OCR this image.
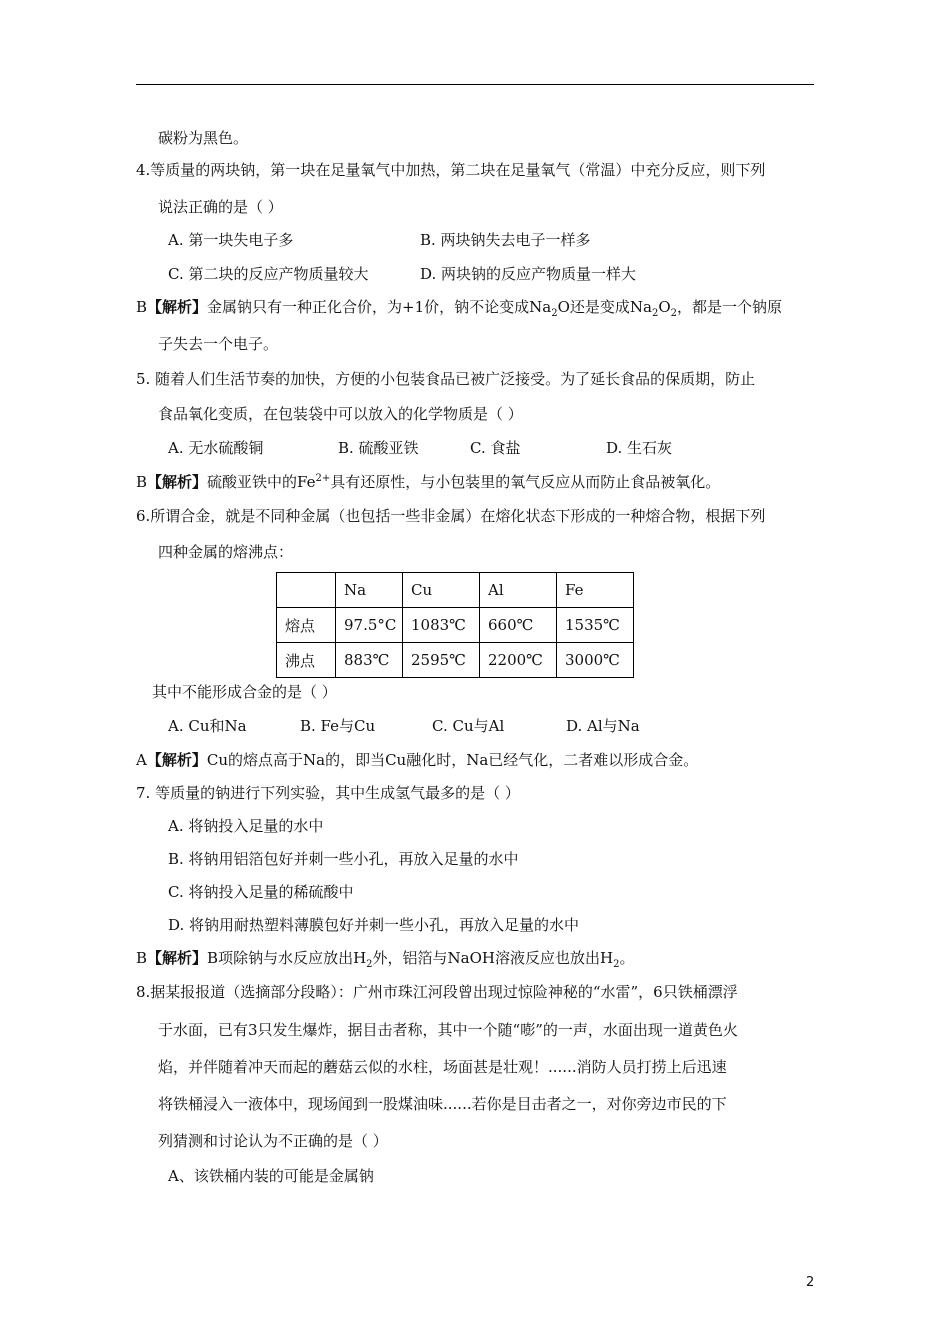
碳粉为黑色。
4.等质量的两块钠，第一块在足量氧气中加热，第二块在足量氧气（常温）中充分反应，则下列
说法正确的是（ ）
A. 第一块失电子多	B. 两块钠失去电子一样多
C. 第二块的反应产物质量较大	D. 两块钠的反应产物质量一样大
B【解析】金属钠只有一种正化合价，为+1价，钠不论变成$Na_2O$还是变成$Na_2O_2$，都是一个钠原
子失去一个电子。
5. 随着人们生活节奏的加快，方便的小包装食品已被广泛接受。为了延长食品的保质期，防止
食品氧化变质，在包装袋中可以放入的化学物质是（ ）
A. 无水硫酸铜	B. 硫酸亚铁	C. 食盐	D. 生石灰
B【解析】硫酸亚铁中的$Fe^{2+}$具有还原性，与小包装里的氧气反应从而防止食品被氧化。
6.所谓合金，就是不同种金属（也包括一些非金属）在熔化状态下形成的一种熔合物，根据下列
四种金属的熔沸点：
	Na	Cu	Al	Fe
熔点	97.5°C	1083℃	660℃	1535℃
沸点	883℃	2595℃	2200℃	3000℃
其中不能形成合金的是（ ）
A. Cu和Na	B. Fe与Cu	C. Cu与Al	D. Al与Na
A【解析】Cu的熔点高于Na的，即当Cu融化时，Na已经气化，二者难以形成合金。
7. 等质量的钠进行下列实验，其中生成氢气最多的是（ ）
A. 将钠投入足量的水中
B. 将钠用铝箔包好并刺一些小孔，再放入足量的水中
C. 将钠投入足量的稀硫酸中
D. 将钠用耐热塑料薄膜包好并刺一些小孔，再放入足量的水中
B【解析】B项除钠与水反应放出$H_2$外，铝箔与NaOH溶液反应也放出$H_2$。
8.据某报报道（选摘部分段略）：广州市珠江河段曾出现过惊险神秘的“水雷”，6只铁桶漂浮
于水面，已有3只发生爆炸，据目击者称，其中一个随“嘭”的一声，水面出现一道黄色火
焰，并伴随着冲天而起的蘑菇云似的水柱，场面甚是壮观！......消防人员打捞上后迅速
将铁桶浸入一液体中，现场闻到一股煤油味......若你是目击者之一，对你旁边市民的下
列猜测和讨论认为不正确的是（ ）
A、该铁桶内装的可能是金属钠
2
